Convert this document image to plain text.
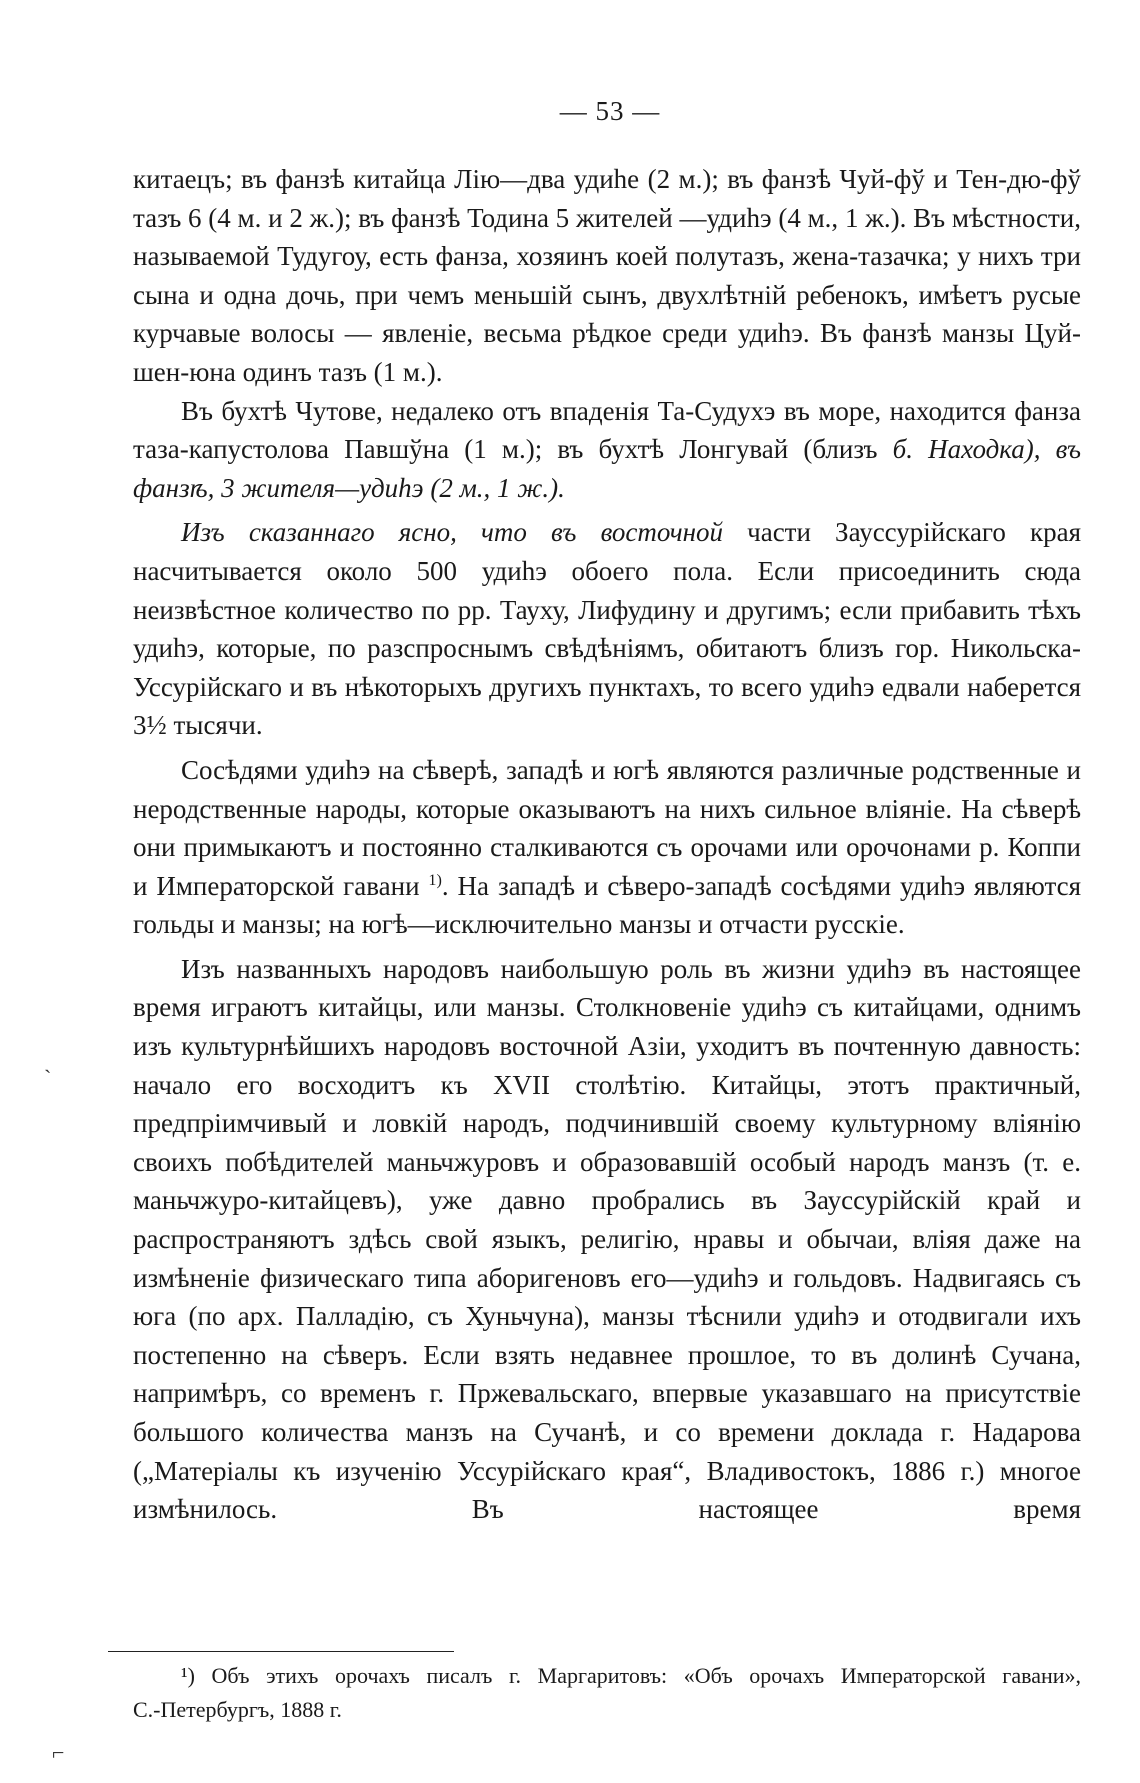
— 53 —

китаецъ; въ фанзѣ китайца Лію—два удиһе (2 м.); въ фанзѣ Чуй-фў и Тен-дю-фў тазъ 6 (4 м. и 2 ж.); въ фанзѣ Тодина 5 жителей —удиһэ (4 м., 1 ж.). Въ мѣстности, называемой Тудугоу, есть фанза, хозяинъ коей полутазъ, жена-тазачка; у нихъ три сына и одна дочь, при чемъ меньшій сынъ, двухлѣтній ребенокъ, имѣетъ русые курчавые волосы — явленіе, весьма рѣдкое среди удиһэ. Въ фанзѣ манзы Цуй-шен-юна одинъ тазъ (1 м.).

Въ бухтѣ Чутове, недалеко отъ впаденія Та-Судухэ въ море, находится фанза таза-капустолова Павшўна (1 м.); въ бухтѣ Лонгувай (близъ б. Находка), въ фанзѣ, 3 жителя—удиһэ (2 м., 1 ж.).

Изъ сказаннаго ясно, что въ восточной части Зауссурійскаго края насчитывается около 500 удиһэ обоего пола. Если присоединить сюда неизвѣстное количество по рр. Тауху, Лифудину и другимъ; если прибавить тѣхъ удиһэ, которые, по разспроснымъ свѣдѣніямъ, обитаютъ близъ гор. Никольска-Уссурійскаго и въ нѣкоторыхъ другихъ пунктахъ, то всего удиһэ едвали наберется 3½ тысячи.

Сосѣдями удиһэ на сѣверѣ, западѣ и югѣ являются различные родственные и неродственные народы, которые оказываютъ на нихъ сильное вліяніе. На сѣверѣ они примыкаютъ и постоянно сталкиваются съ орочами или орочонами р. Коппи и Императорской гавани $^{1)}$. На западѣ и сѣверо-западѣ сосѣдями удиһэ являются гольды и манзы; на югѣ—исключительно манзы и отчасти русскіе.

Изъ названныхъ народовъ наибольшую роль въ жизни удиһэ въ настоящее время играютъ китайцы, или манзы. Столкновеніе удиһэ съ китайцами, однимъ изъ культурнѣйшихъ народовъ восточной Азіи, уходитъ въ почтенную давность: начало его восходитъ къ XVII столѣтію. Китайцы, этотъ практичный, предпріимчивый и ловкій народъ, подчинившій своему культурному вліянію своихъ побѣдителей маньчжуровъ и образовавшій особый народъ манзъ (т. е. маньчжуро-китайцевъ), уже давно пробрались въ Зауссурійскій край и распространяютъ здѣсь свой языкъ, религію, нравы и обычаи, вліяя даже на измѣненіе физическаго типа аборигеновъ его—удиһэ и гольдовъ. Надвигаясь съ юга (по арх. Палладію, съ Хуньчуна), манзы тѣснили удиһэ и отодвигали ихъ постепенно на сѣверъ. Если взять недавнее прошлое, то въ долинѣ Сучана, напримѣръ, со временъ г. Пржевальскаго, впервые указавшаго на присутствіе большого количества манзъ на Сучанѣ, и со времени доклада г. Надарова („Матеріалы къ изученію Уссурійскаго края“, Владивостокъ, 1886 г.) многое измѣнилось. Въ настоящее время

¹) Объ этихъ орочахъ писалъ г. Маргаритовъ: «Объ орочахъ Императорской гавани»,

С.-Петербургъ, 1888 г.

ˏ
⌐
